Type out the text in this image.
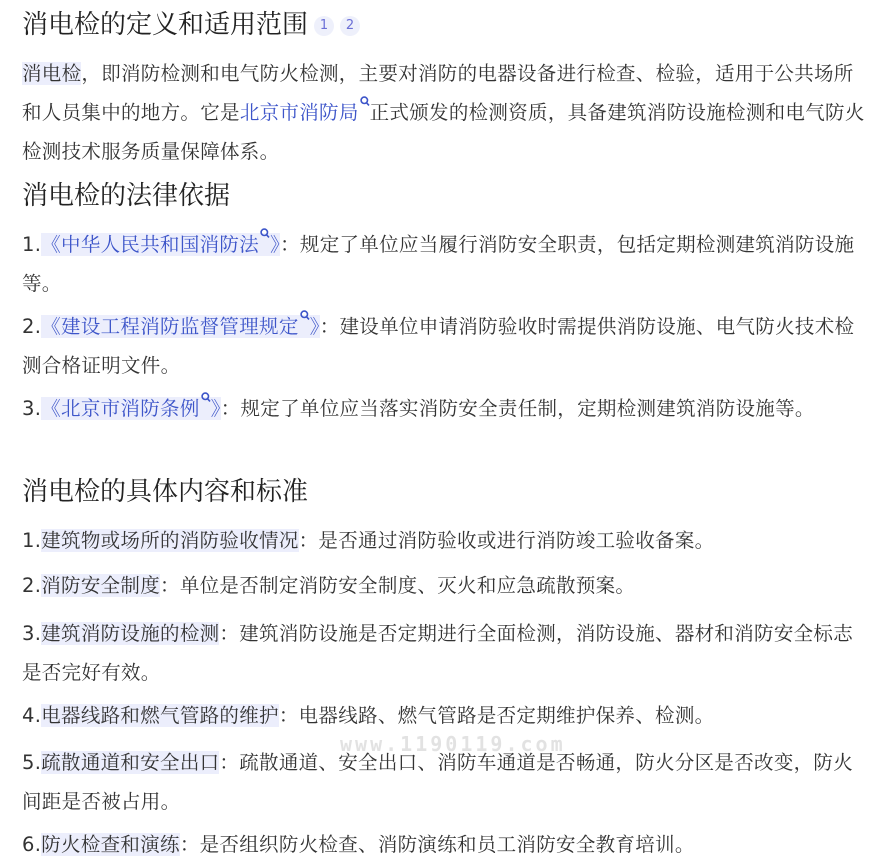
消电检的定义和适用范围 1 2

消电检，即消防检测和电气防火检测，主要对消防的电器设备进行检查、检验，适用于公共场所和人员集中的地方。它是北京市消防局 正式颁发的检测资质，具备建筑消防设施检测和电气防火检测技术服务质量保障体系。

消电检的法律依据

1.《中华人民共和国消防法 》：规定了单位应当履行消防安全职责，包括定期检测建筑消防设施等。

2.《建设工程消防监督管理规定 》：建设单位申请消防验收时需提供消防设施、电气防火技术检测合格证明文件。

3.《北京市消防条例 》：规定了单位应当落实消防安全责任制，定期检测建筑消防设施等。

消电检的具体内容和标准

1.建筑物或场所的消防验收情况：是否通过消防验收或进行消防竣工验收备案。

2.消防安全制度：单位是否制定消防安全制度、灭火和应急疏散预案。

3.建筑消防设施的检测：建筑消防设施是否定期进行全面检测，消防设施、器材和消防安全标志是否完好有效。

4.电器线路和燃气管路的维护：电器线路、燃气管路是否定期维护保养、检测。

5.疏散通道和安全出口：疏散通道、安全出口、消防车通道是否畅通，防火分区是否改变，防火间距是否被占用。

6.防火检查和演练：是否组织防火检查、消防演练和员工消防安全教育培训。

www.1190119.com
